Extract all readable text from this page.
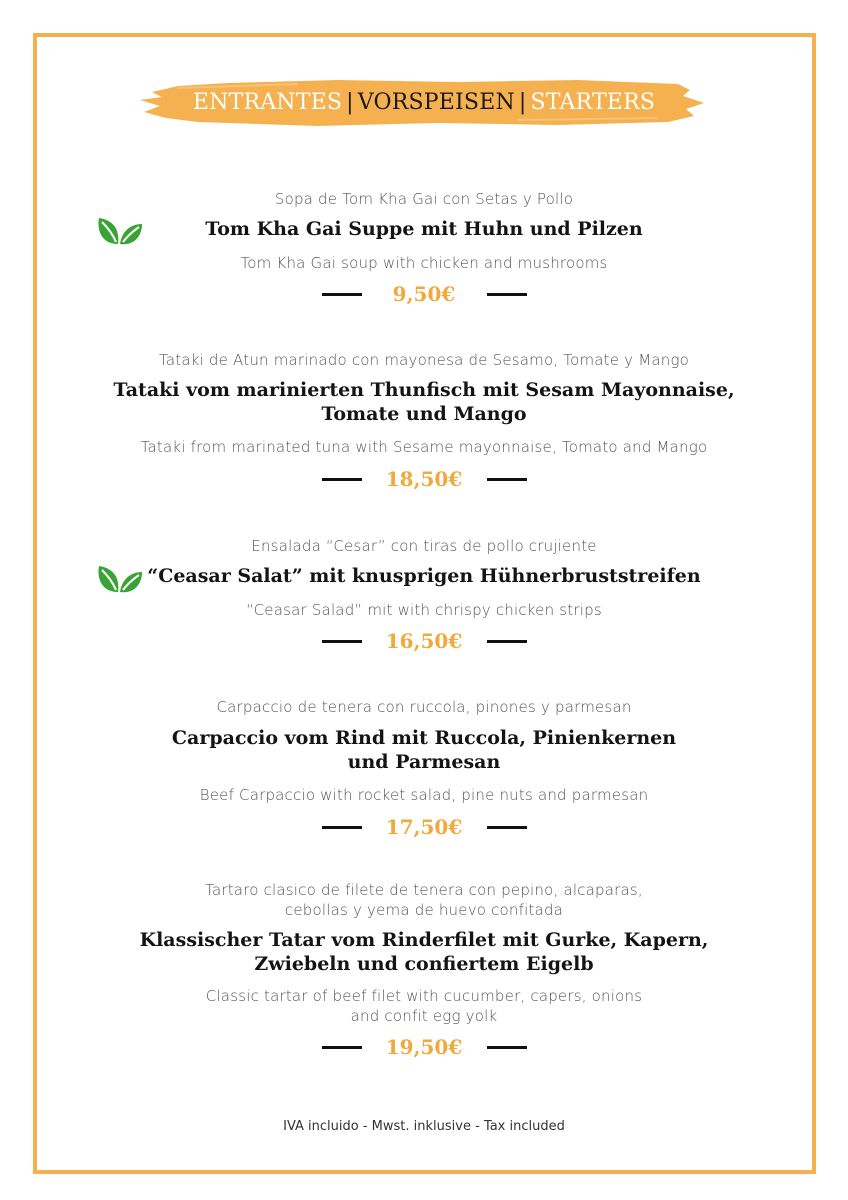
ENTRANTES | VORSPEISEN | STARTERS
Sopa de Tom Kha Gai con Setas y Pollo
Tom Kha Gai Suppe mit Huhn und Pilzen
Tom Kha Gai soup with chicken and mushrooms
9,50€
Tataki de Atun marinado con mayonesa de Sesamo, Tomate y Mango
Tataki vom marinierten Thunfisch mit Sesam Mayonnaise,
Tomate und Mango
Tataki from marinated tuna with Sesame mayonnaise, Tomato and Mango
18,50€
Ensalada “Cesar” con tiras de pollo crujiente
“Ceasar Salat” mit knusprigen Hühnerbruststreifen
“Ceasar Salad” mit with chrispy chicken strips
16,50€
Carpaccio de tenera con ruccola, pinones y parmesan
Carpaccio vom Rind mit Ruccola, Pinienkernen
und Parmesan
Beef Carpaccio with rocket salad, pine nuts and parmesan
17,50€
Tartaro clasico de filete de tenera con pepino, alcaparas,
cebollas y yema de huevo confitada
Klassischer Tatar vom Rinderfilet mit Gurke, Kapern,
Zwiebeln und confiertem Eigelb
Classic tartar of beef filet with cucumber, capers, onions
and confit egg yolk
19,50€
IVA incluido - Mwst. inklusive - Tax included
